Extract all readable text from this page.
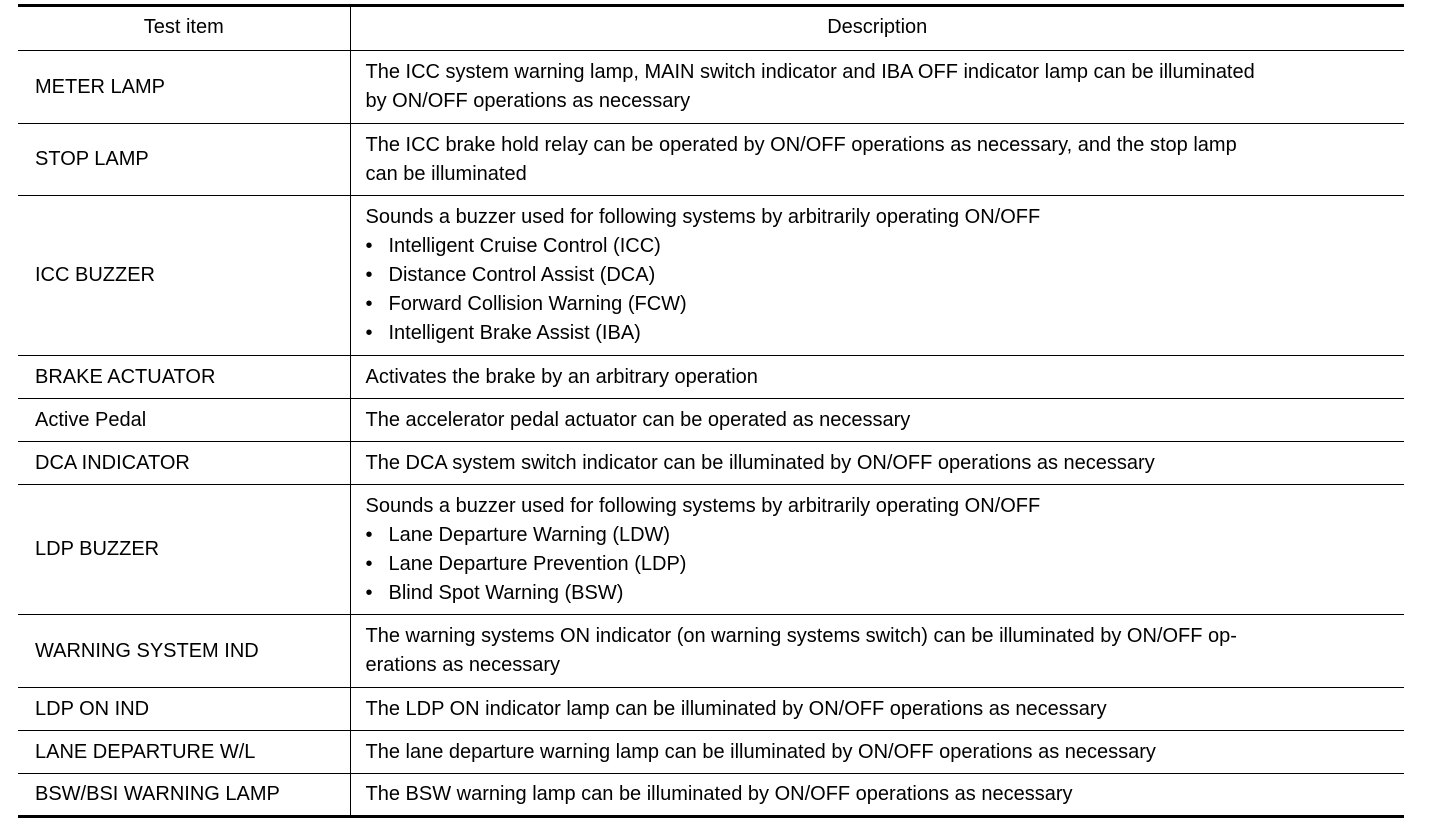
Test item	Description
METER LAMP	The ICC system warning lamp, MAIN switch indicator and IBA OFF indicator lamp can be illuminated
by ON/OFF operations as necessary

STOP LAMP	The ICC brake hold relay can be operated by ON/OFF operations as necessary, and the stop lamp
can be illuminated

ICC BUZZER	Sounds a buzzer used for following systems by arbitrarily operating ON/OFF
• Intelligent Cruise Control (ICC)
• Distance Control Assist (DCA)
• Forward Collision Warning (FCW)
• Intelligent Brake Assist (IBA)

BRAKE ACTUATOR	Activates the brake by an arbitrary operation

Active Pedal	The accelerator pedal actuator can be operated as necessary

DCA INDICATOR	The DCA system switch indicator can be illuminated by ON/OFF operations as necessary

LDP BUZZER	Sounds a buzzer used for following systems by arbitrarily operating ON/OFF
• Lane Departure Warning (LDW)
• Lane Departure Prevention (LDP)
• Blind Spot Warning (BSW)

WARNING SYSTEM IND	The warning systems ON indicator (on warning systems switch) can be illuminated by ON/OFF op-
erations as necessary

LDP ON IND	The LDP ON indicator lamp can be illuminated by ON/OFF operations as necessary

LANE DEPARTURE W/L	The lane departure warning lamp can be illuminated by ON/OFF operations as necessary

BSW/BSI WARNING LAMP	The BSW warning lamp can be illuminated by ON/OFF operations as necessary
